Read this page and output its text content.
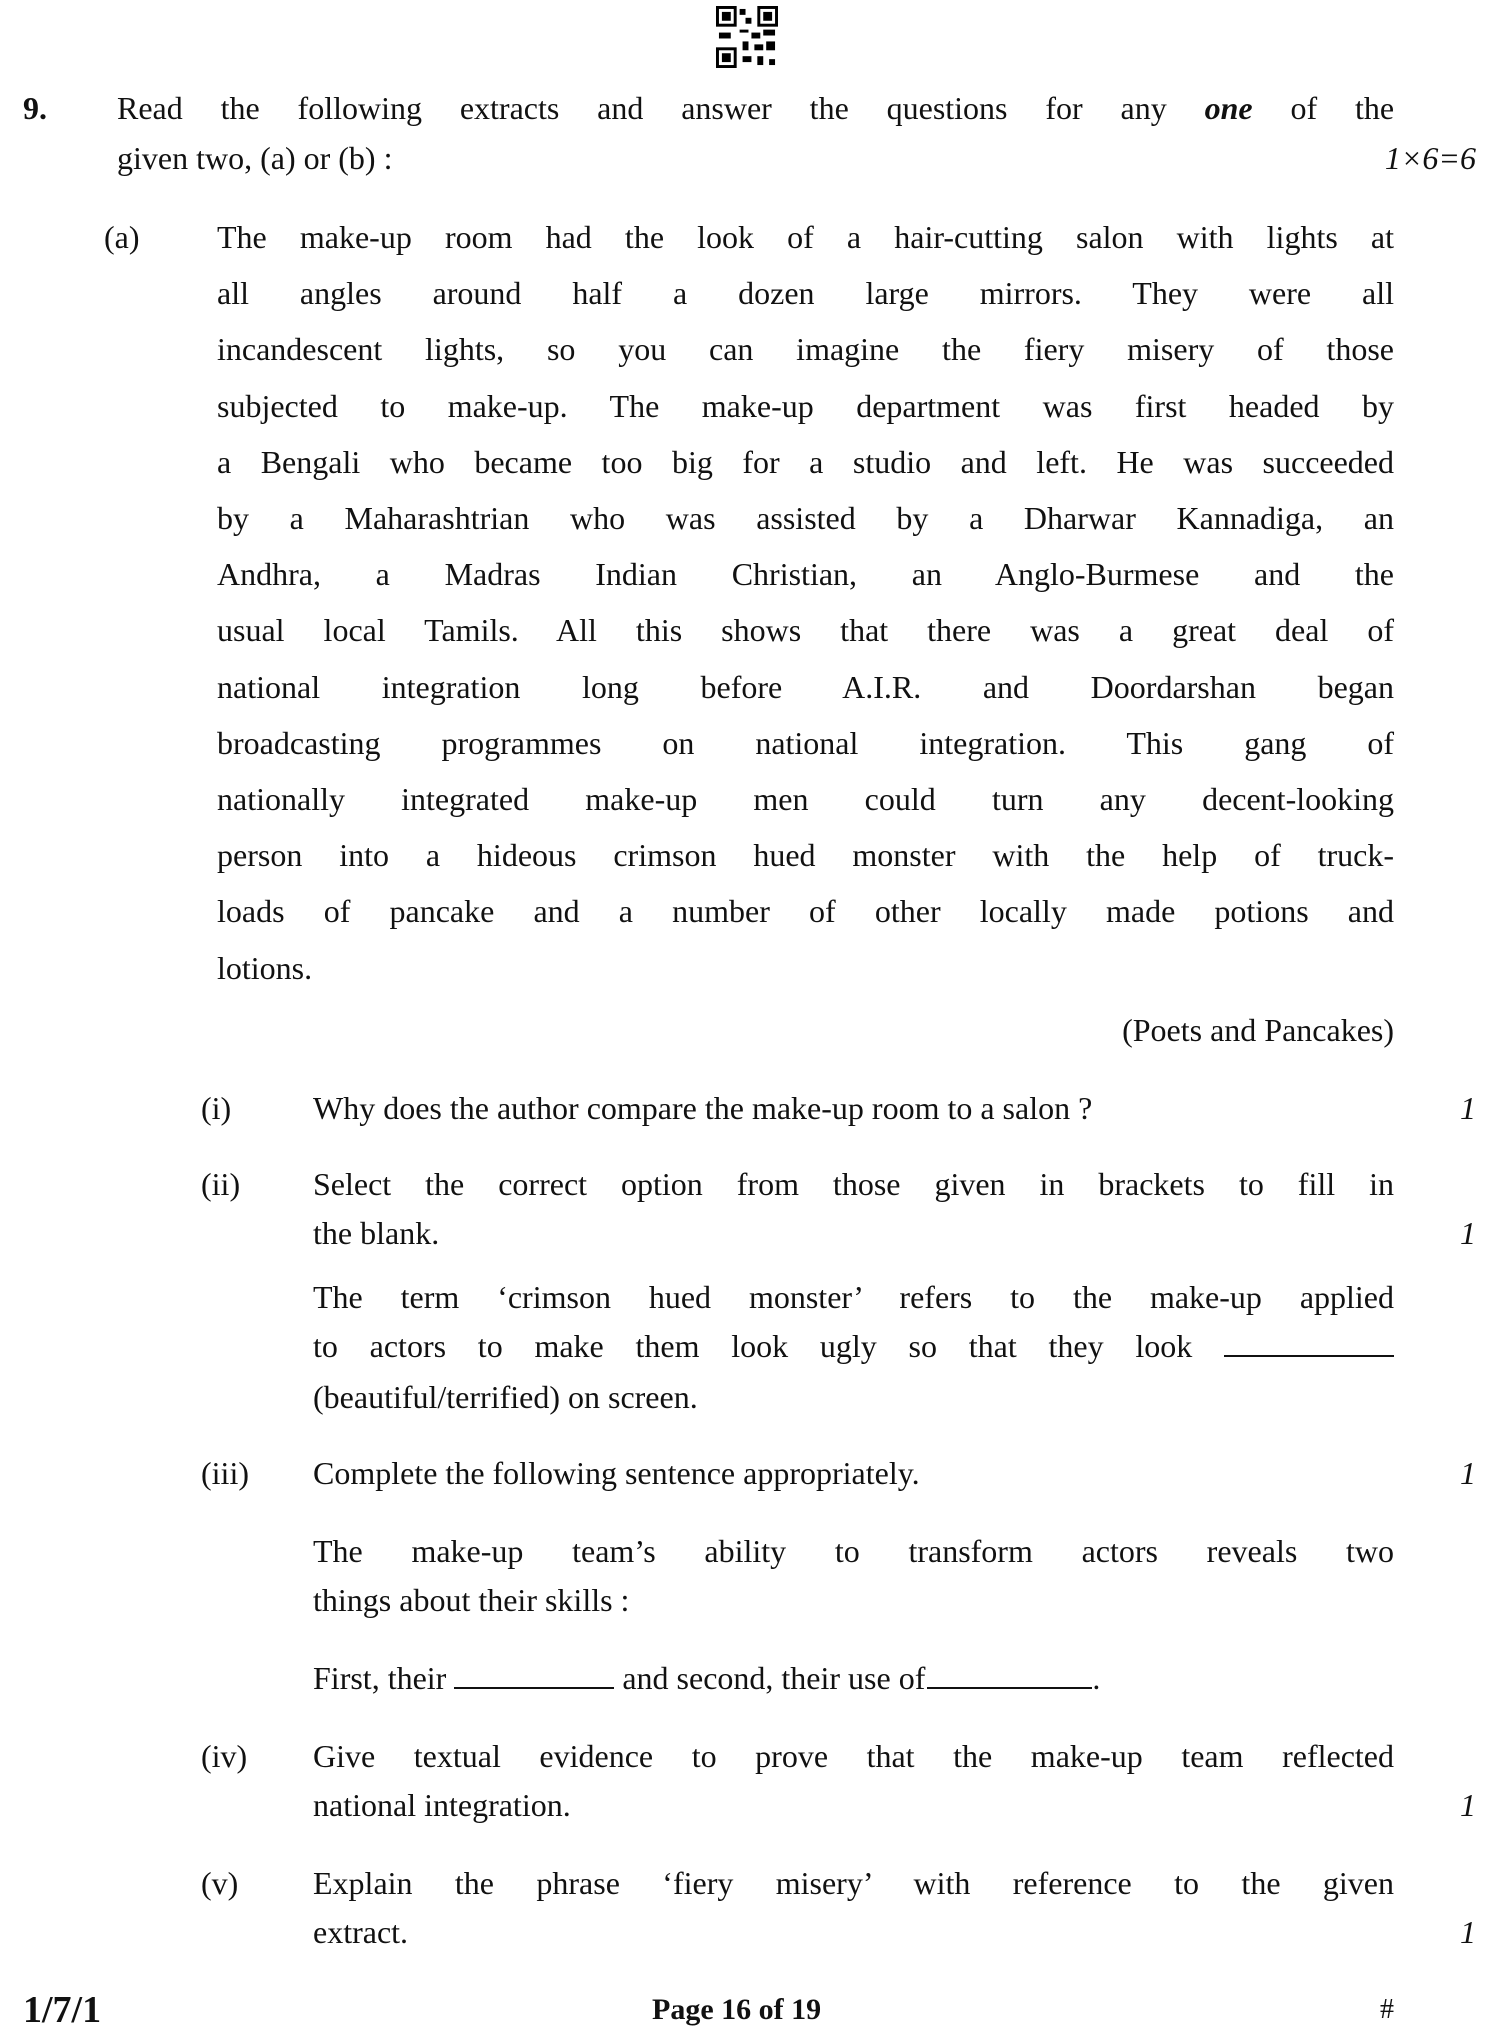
9. Read the following extracts and answer the questions for any one of the
given two, (a) or (b) :	1×6=6
(a) The make-up room had the look of a hair-cutting salon with lights at
all angles around half a dozen large mirrors. They were all
incandescent lights, so you can imagine the fiery misery of those
subjected to make-up. The make-up department was first headed by
a Bengali who became too big for a studio and left. He was succeeded
by a Maharashtrian who was assisted by a Dharwar Kannadiga, an
Andhra, a Madras Indian Christian, an Anglo-Burmese and the
usual local Tamils. All this shows that there was a great deal of
national integration long before A.I.R. and Doordarshan began
broadcasting programmes on national integration. This gang of
nationally integrated make-up men could turn any decent-looking
person into a hideous crimson hued monster with the help of truck-
loads of pancake and a number of other locally made potions and
lotions.
(Poets and Pancakes)
(i)	Why does the author compare the make-up room to a salon ?	1
(ii) Select the correct option from those given in brackets to fill in
the blank.	1
The term ‘crimson hued monster’ refers to the make-up applied
to actors to make them look ugly so that they look
(beautiful/terrified) on screen.
(iii) Complete the following sentence appropriately.	1
The make-up team’s ability to transform actors reveals two
things about their skills :
First, their	and second, their use of	.
(iv) Give textual evidence to prove that the make-up team reflected
national integration.	1
(v) Explain the phrase ‘fiery misery’ with reference to the given
extract.	1
1/7/1	Page 16 of 19	#
